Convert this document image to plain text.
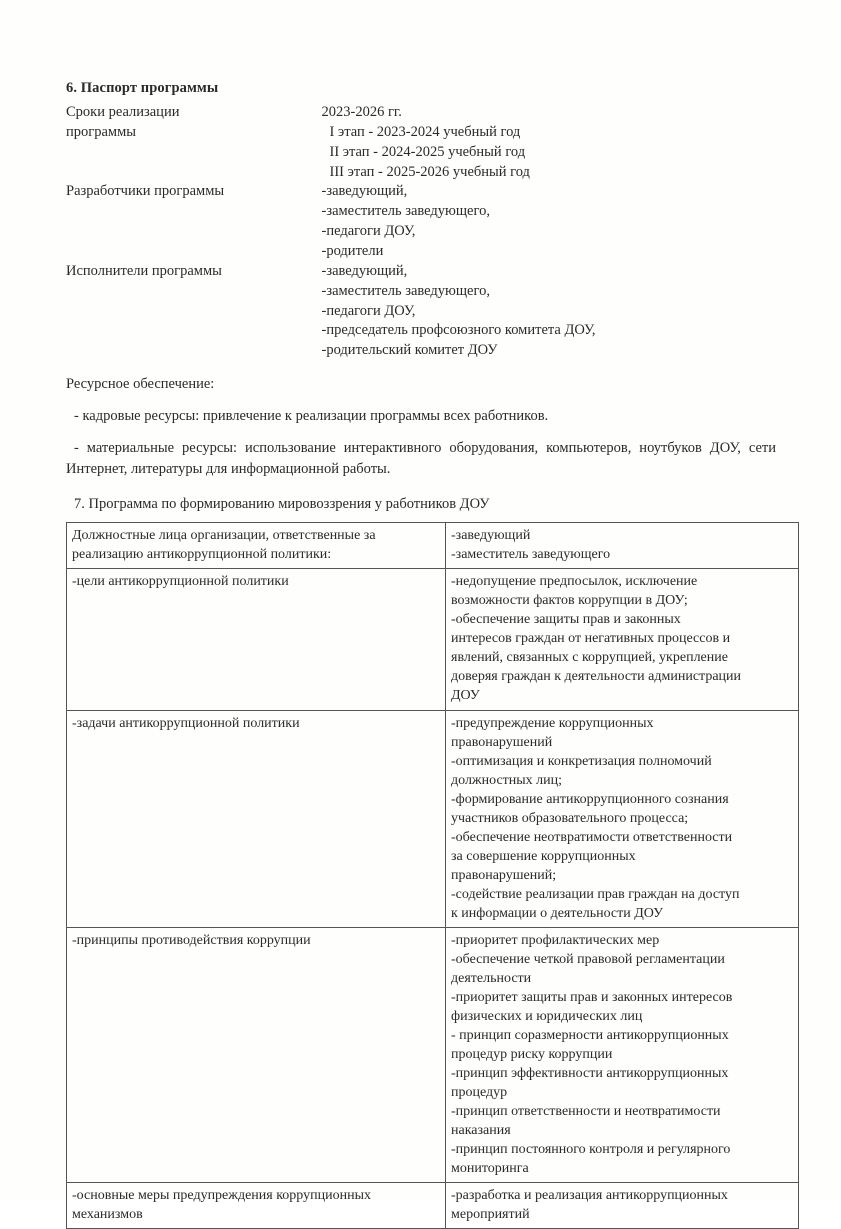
6. Паспорт программы
Сроки реализации
программы	2023-2026 гг.
I этап - 2023-2024 учебный год
II этап - 2024-2025 учебный год
III этап - 2025-2026 учебный год

Разработчики программы	-заведующий,
-заместитель заведующего,
-педагоги ДОУ,
-родители

Исполнители программы	-заведующий,
-заместитель заведующего,
-педагоги ДОУ,
-председатель профсоюзного комитета ДОУ,
-родительский комитет ДОУ

Ресурсное обеспечение:

- кадровые ресурсы: привлечение к реализации программы всех работников.

- материальные ресурсы: использование интерактивного оборудования, компьютеров, ноутбуков ДОУ, сети Интернет, литературы для информационной работы.

7. Программа по формированию мировоззрения у работников ДОУ
Должностные лица организации, ответственные за
реализацию антикоррупционной политики:	-заведующий
-заместитель заведующего

-цели антикоррупционной политики	-недопущение предпосылок, исключение
возможности фактов коррупции в ДОУ;
-обеспечение защиты прав и законных
интересов граждан от негативных процессов и
явлений, связанных с коррупцией, укрепление
доверяя граждан к деятельности администрации
ДОУ

-задачи антикоррупционной политики	-предупреждение коррупционных
правонарушений
-оптимизация и конкретизация полномочий
должностных лиц;
-формирование антикоррупционного сознания
участников образовательного процесса;
-обеспечение неотвратимости ответственности
за совершение коррупционных
правонарушений;
-содействие реализации прав граждан на доступ
к информации о деятельности ДОУ

-принципы противодействия коррупции	-приоритет профилактических мер
-обеспечение четкой правовой регламентации
деятельности
-приоритет защиты прав и законных интересов
физических и юридических лиц
- принцип соразмерности антикоррупционных
процедур риску коррупции
-принцип эффективности антикоррупционных
процедур
-принцип ответственности и неотвратимости
наказания
-принцип постоянного контроля и регулярного
мониторинга

-основные меры предупреждения коррупционных
механизмов	-разработка и реализация антикоррупционных
мероприятий
